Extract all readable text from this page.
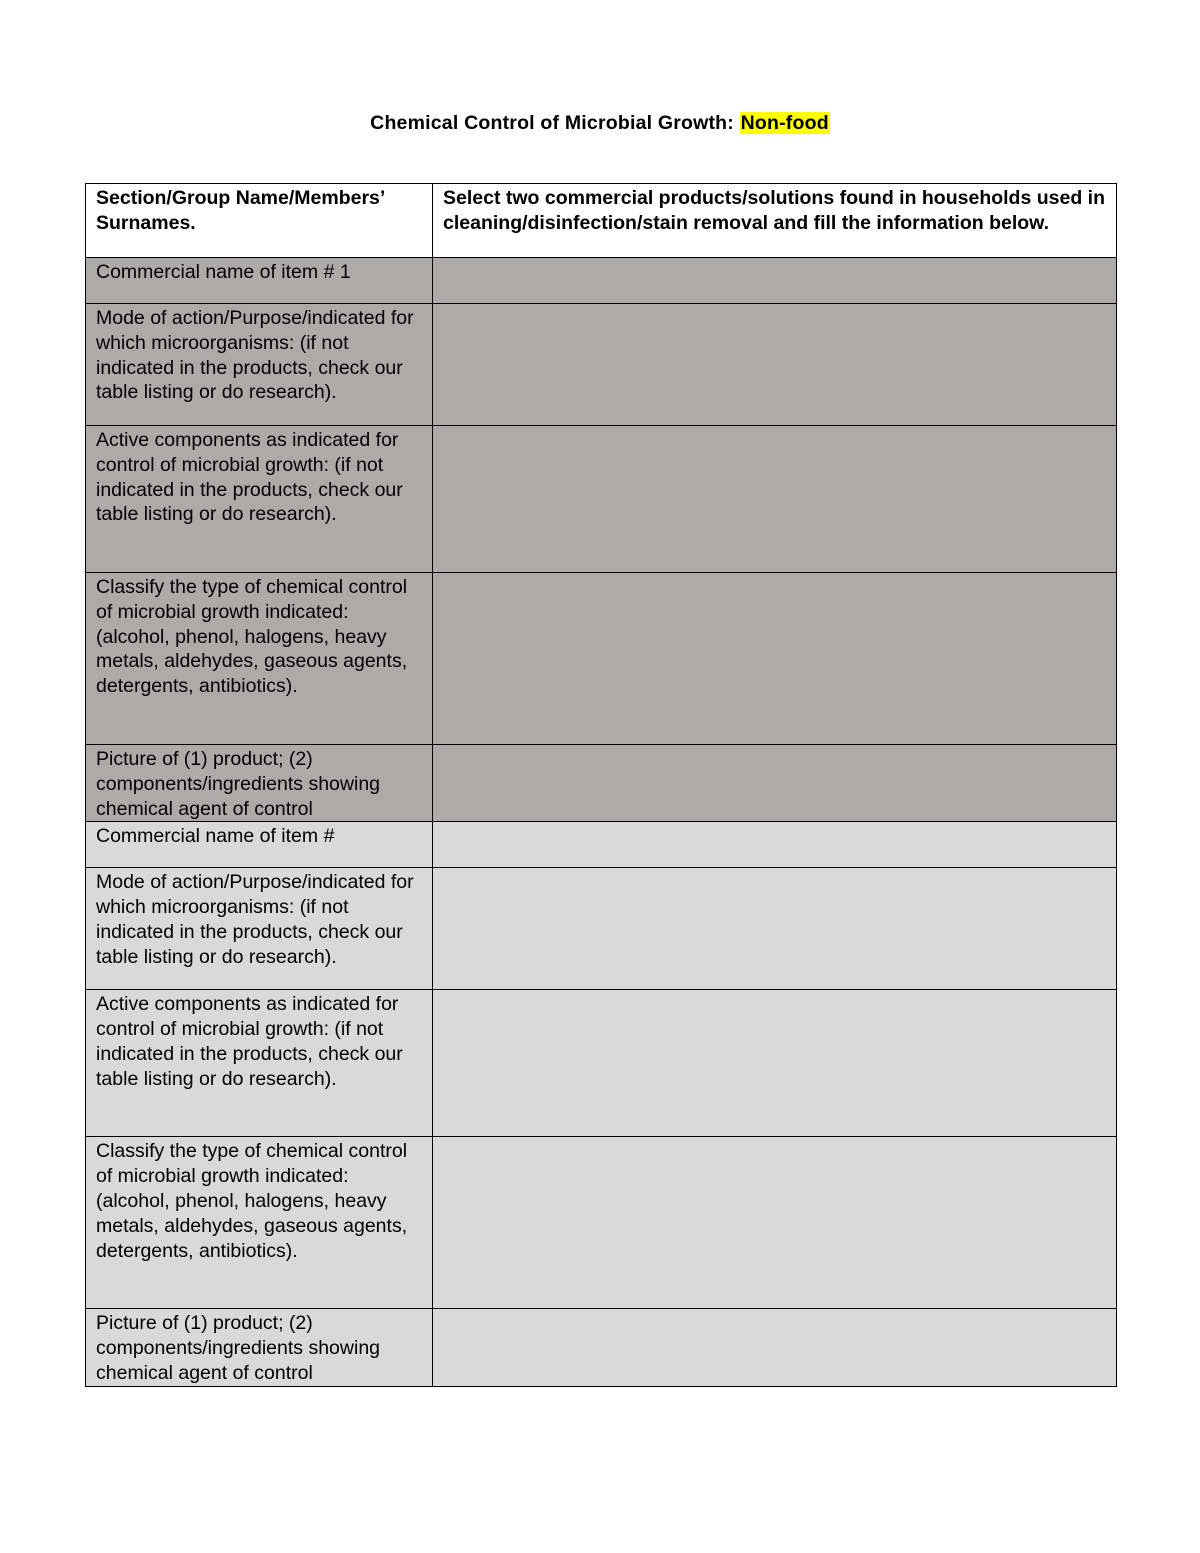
Chemical Control of Microbial Growth: Non-food
Section/Group Name/Members’ Surnames.	Select two commercial products/solutions found in households used in cleaning/disinfection/stain removal and fill the information below.
Commercial name of item # 1	
Mode of action/Purpose/indicated for which microorganisms: (if not indicated in the products, check our table listing or do research).	
Active components as indicated for control of microbial growth: (if not indicated in the products, check our table listing or do research).	
Classify the type of chemical control of microbial growth indicated: (alcohol, phenol, halogens, heavy metals, aldehydes, gaseous agents, detergents, antibiotics).	
Picture of (1) product; (2) components/ingredients showing chemical agent of control	
Commercial name of item #	
Mode of action/Purpose/indicated for which microorganisms: (if not indicated in the products, check our table listing or do research).	
Active components as indicated for control of microbial growth: (if not indicated in the products, check our table listing or do research).	
Classify the type of chemical control of microbial growth indicated: (alcohol, phenol, halogens, heavy metals, aldehydes, gaseous agents, detergents, antibiotics).	
Picture of (1) product; (2) components/ingredients showing chemical agent of control	
